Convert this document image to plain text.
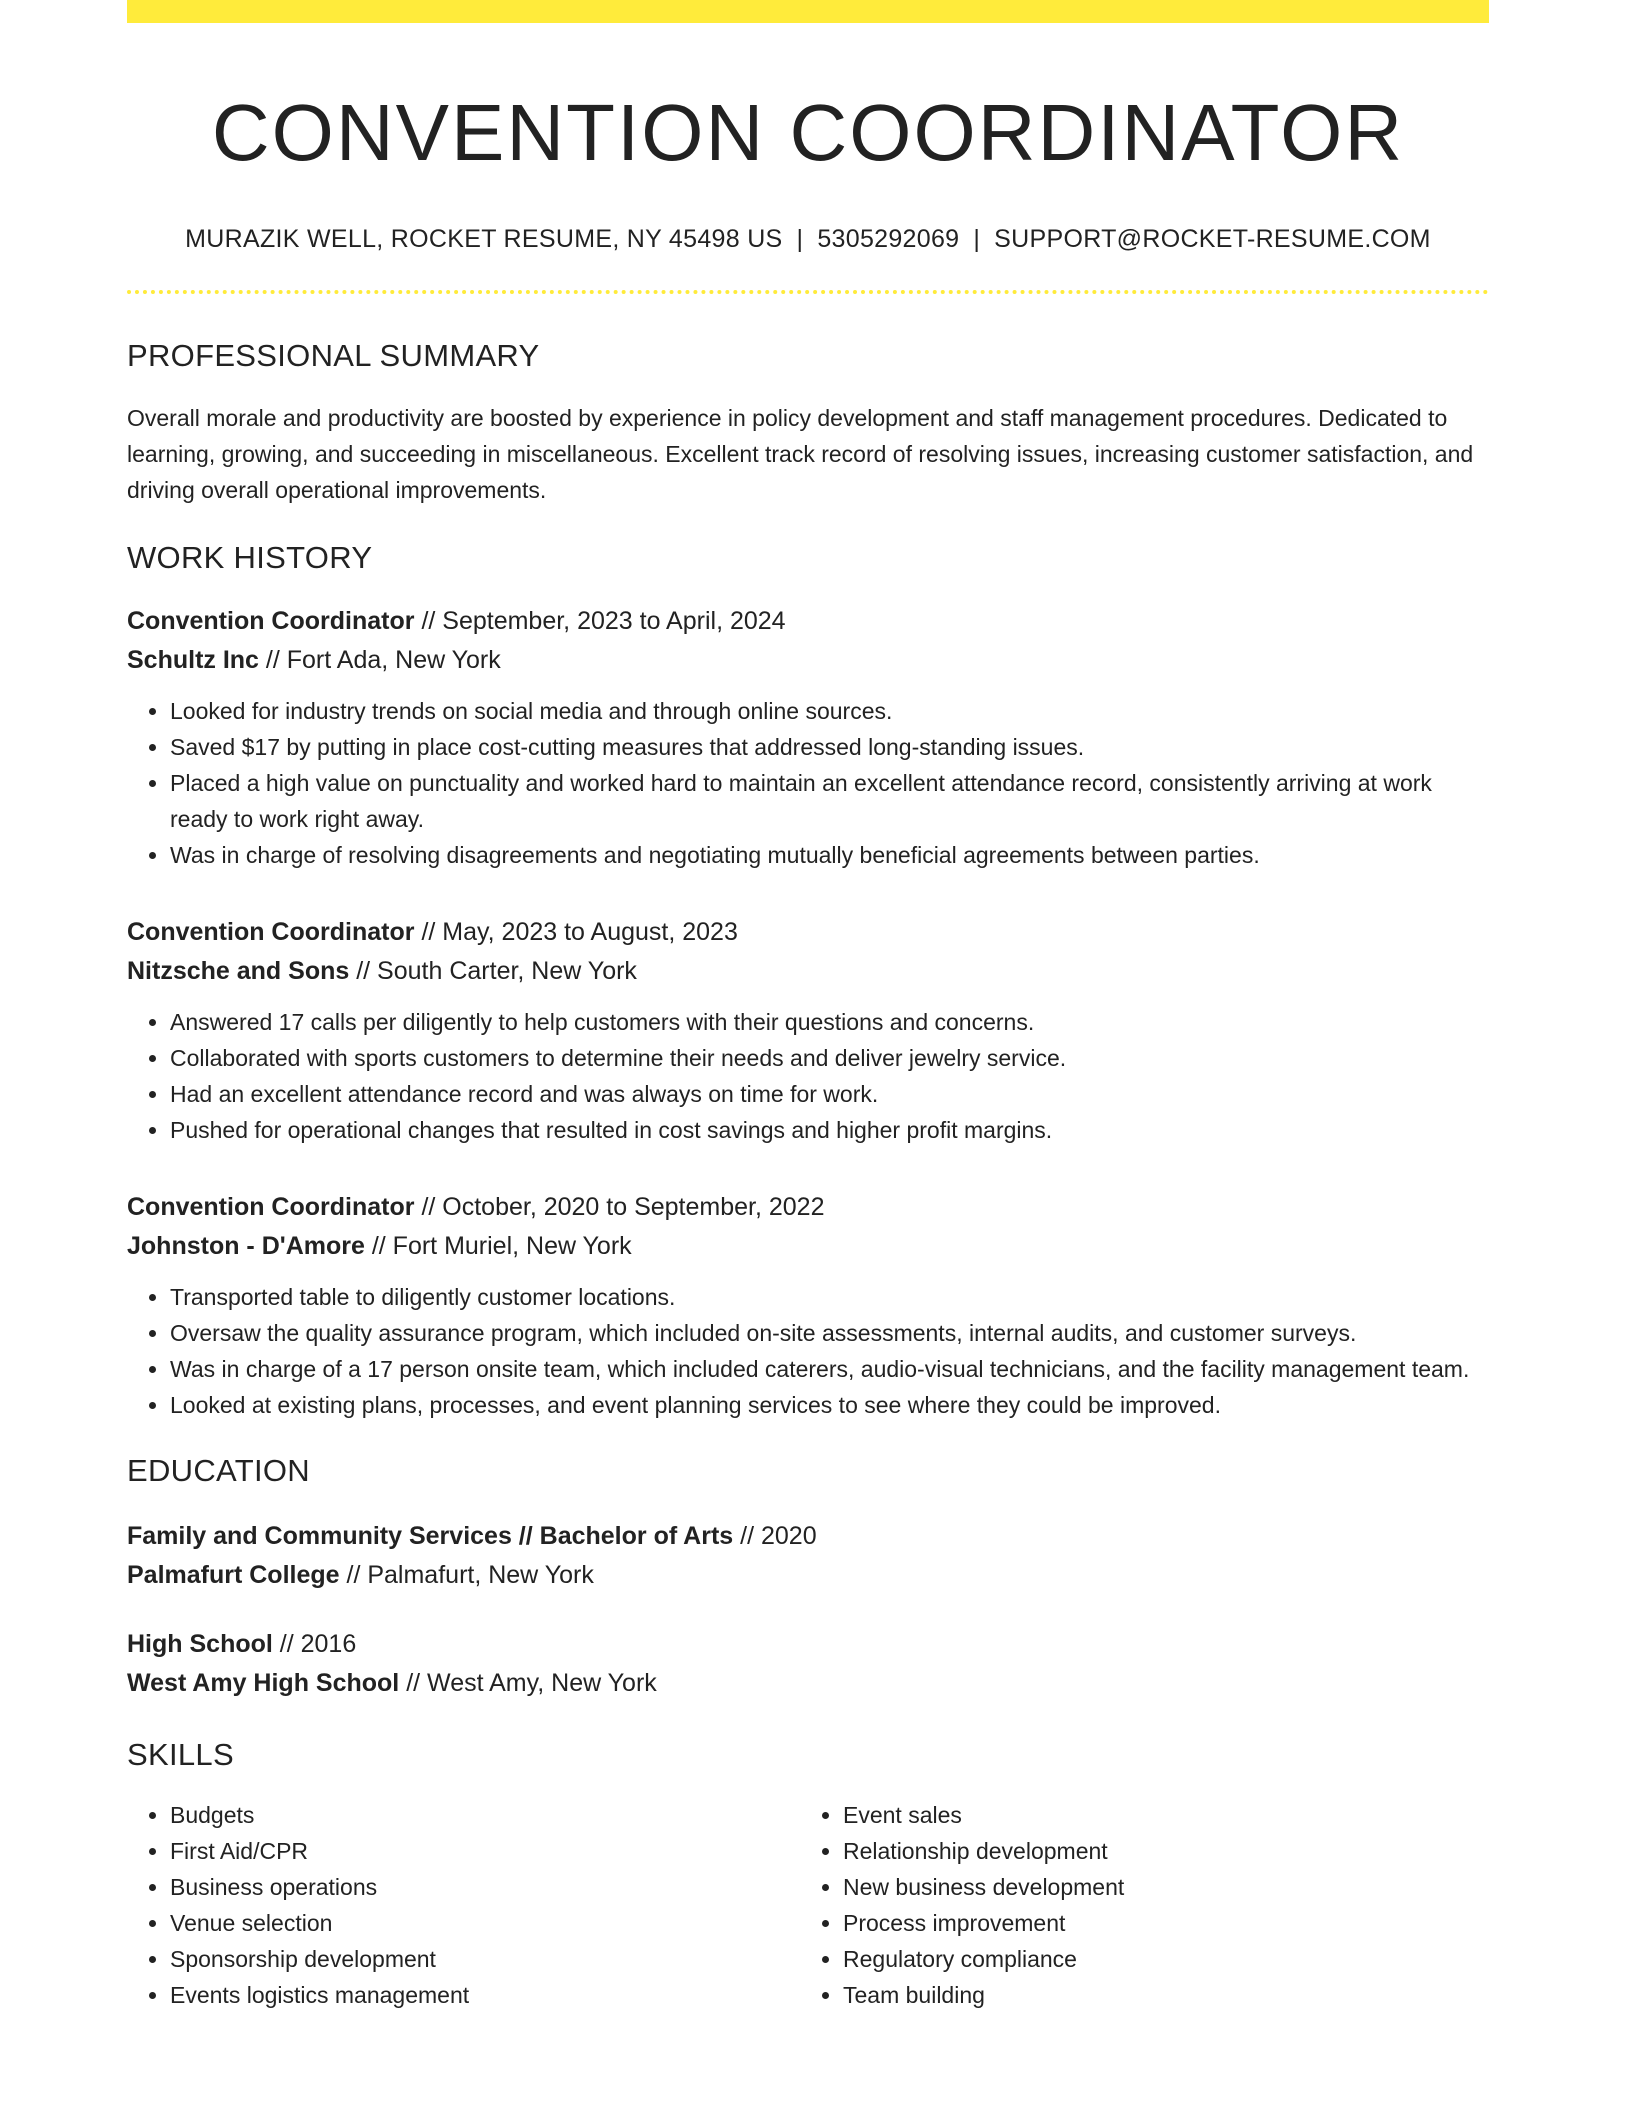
CONVENTION COORDINATOR
MURAZIK WELL, ROCKET RESUME, NY 45498 US | 5305292069 | SUPPORT@ROCKET-RESUME.COM
PROFESSIONAL SUMMARY

Overall morale and productivity are boosted by experience in policy development and staff management procedures. Dedicated to learning, growing, and succeeding in miscellaneous. Excellent track record of resolving issues, increasing customer satisfaction, and driving overall operational improvements.

WORK HISTORY
Convention Coordinator // September, 2023 to April, 2024
Schultz Inc // Fort Ada, New York
• Looked for industry trends on social media and through online sources.
• Saved $17 by putting in place cost-cutting measures that addressed long-standing issues.
• Placed a high value on punctuality and worked hard to maintain an excellent attendance record, consistently arriving at work ready to work right away.
• Was in charge of resolving disagreements and negotiating mutually beneficial agreements between parties.
Convention Coordinator // May, 2023 to August, 2023
Nitzsche and Sons // South Carter, New York
• Answered 17 calls per diligently to help customers with their questions and concerns.
• Collaborated with sports customers to determine their needs and deliver jewelry service.
• Had an excellent attendance record and was always on time for work.
• Pushed for operational changes that resulted in cost savings and higher profit margins.
Convention Coordinator // October, 2020 to September, 2022
Johnston - D'Amore // Fort Muriel, New York
• Transported table to diligently customer locations.
• Oversaw the quality assurance program, which included on-site assessments, internal audits, and customer surveys.
• Was in charge of a 17 person onsite team, which included caterers, audio-visual technicians, and the facility management team.
• Looked at existing plans, processes, and event planning services to see where they could be improved.
EDUCATION
Family and Community Services // Bachelor of Arts // 2020
Palmafurt College // Palmafurt, New York
High School // 2016
West Amy High School // West Amy, New York
SKILLS
• Budgets
• First Aid/CPR
• Business operations
• Venue selection
• Sponsorship development
• Events logistics management
• Event sales
• Relationship development
• New business development
• Process improvement
• Regulatory compliance
• Team building
